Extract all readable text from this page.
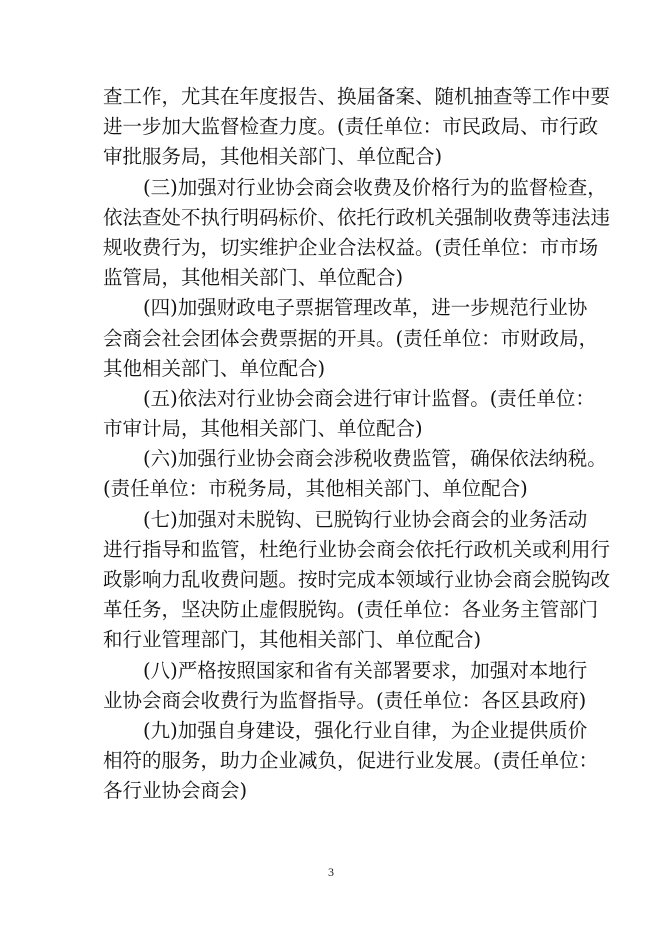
查工作，尤其在年度报告、换届备案、随机抽查等工作中要
进一步加大监督检查力度。(责任单位：市民政局、市行政
审批服务局，其他相关部门、单位配合)
(三)加强对行业协会商会收费及价格行为的监督检查，
依法查处不执行明码标价、依托行政机关强制收费等违法违
规收费行为，切实维护企业合法权益。(责任单位：市市场
监管局，其他相关部门、单位配合)
(四)加强财政电子票据管理改革，进一步规范行业协
会商会社会团体会费票据的开具。(责任单位：市财政局，
其他相关部门、单位配合)
(五)依法对行业协会商会进行审计监督。(责任单位：
市审计局，其他相关部门、单位配合)
(六)加强行业协会商会涉税收费监管，确保依法纳税。
(责任单位：市税务局，其他相关部门、单位配合)
(七)加强对未脱钩、已脱钩行业协会商会的业务活动
进行指导和监管，杜绝行业协会商会依托行政机关或利用行
政影响力乱收费问题。按时完成本领域行业协会商会脱钩改
革任务，坚决防止虚假脱钩。(责任单位：各业务主管部门
和行业管理部门，其他相关部门、单位配合)
(八)严格按照国家和省有关部署要求，加强对本地行
业协会商会收费行为监督指导。(责任单位：各区县政府)
(九)加强自身建设，强化行业自律，为企业提供质价
相符的服务，助力企业减负，促进行业发展。(责任单位：
各行业协会商会)
3
